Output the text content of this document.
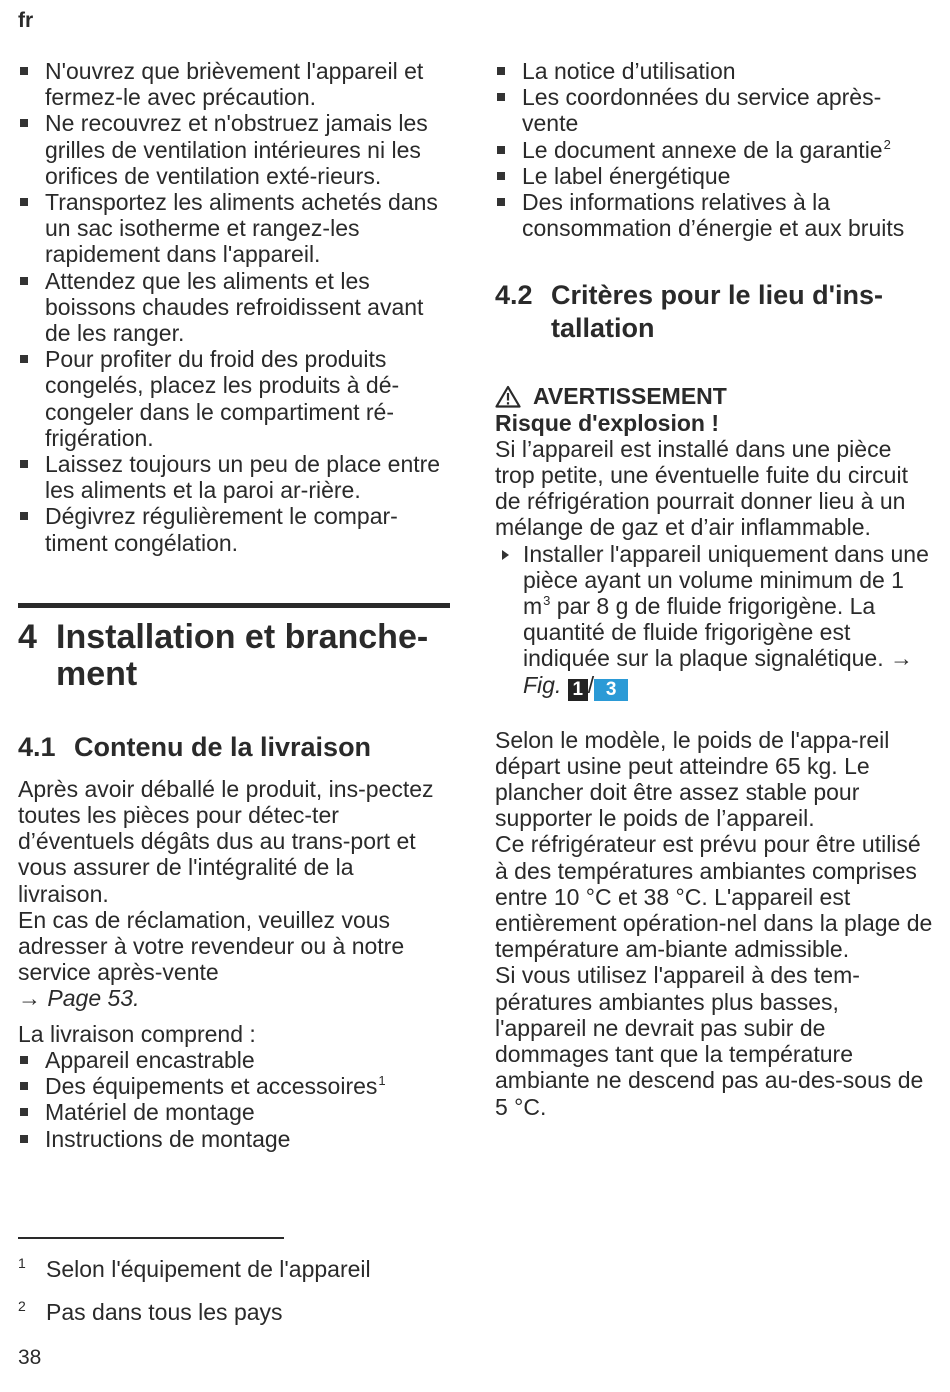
fr
N'ouvrez que brièvement l'appareil et fermez-le avec précaution.
Ne recouvrez et n'obstruez jamais les grilles de ventilation intérieures ni les orifices de ventilation exté-rieurs.
Transportez les aliments achetés dans un sac isotherme et rangez-les rapidement dans l'appareil.
Attendez que les aliments et les boissons chaudes refroidissent avant de les ranger.
Pour profiter du froid des produits congelés, placez les produits à dé-congeler dans le compartiment ré-frigération.
Laissez toujours un peu de place entre les aliments et la paroi ar-rière.
Dégivrez régulièrement le compar-timent congélation.
4 Installation et branche-ment
4.1 Contenu de la livraison

Après avoir déballé le produit, ins-pectez toutes les pièces pour détec-ter d’éventuels dégâts dus au trans-port et vous assurer de l'intégralité de la livraison.

En cas de réclamation, veuillez vous adresser à votre revendeur ou à notre service après-vente

→ Page 53.

La livraison comprend :

Appareil encastrable
Des équipements et accessoires$^1$
Matériel de montage
Instructions de montage
La notice d’utilisation
Les coordonnées du service après-vente
Le document annexe de la garantie$^2$
Le label énergétique
Des informations relatives à la consommation d’énergie et aux bruits
4.2 Critères pour le lieu d'ins-tallation
AVERTISSEMENT

Risque d'explosion !

Si l’appareil est installé dans une pièce trop petite, une éventuelle fuite du circuit de réfrigération pourrait donner lieu à un mélange de gaz et d’air inflammable.

Installer l'appareil uniquement dans une pièce ayant un volume minimum de 1 $m^3$ par 8 g de fluide frigorigène. La quantité de fluide frigorigène est indiquée sur la plaque signalétique. → Fig. 1 / 3

Selon le modèle, le poids de l'appa-reil départ usine peut atteindre 65 kg. Le plancher doit être assez stable pour supporter le poids de l’appareil.

Ce réfrigérateur est prévu pour être utilisé à des températures ambiantes comprises entre 10 °C et 38 °C. L'appareil est entièrement opération-nel dans la plage de température am-biante admissible.

Si vous utilisez l'appareil à des tem-pératures ambiantes plus basses, l'appareil ne devrait pas subir de dommages tant que la température ambiante ne descend pas au-des-sous de 5 °C.

1 Selon l'équipement de l'appareil
2 Pas dans tous les pays
38
